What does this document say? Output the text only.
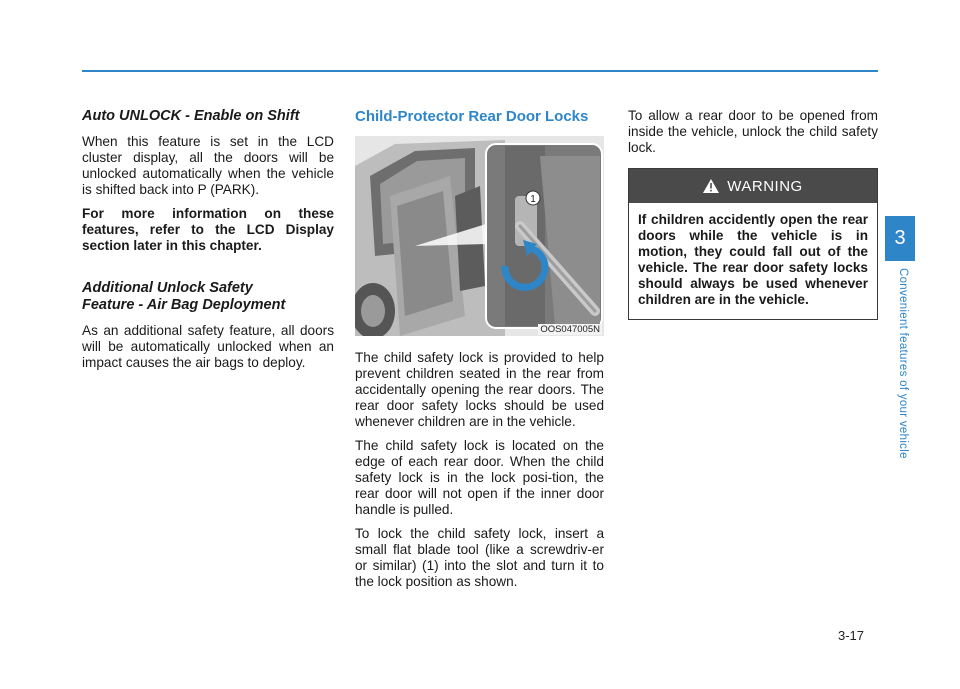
Auto UNLOCK - Enable on Shift

When this feature is set in the LCD cluster display, all the doors will be unlocked automatically when the vehicle is shifted back into P (PARK).

For more information on these features, refer to the LCD Display section later in this chapter.

Additional Unlock Safety
Feature - Air Bag Deployment

As an additional safety feature, all doors will be automatically unlocked when an impact causes the air bags to deploy.

Child-Protector Rear Door Locks
1
OOS047005N

The child safety lock is provided to help prevent children seated in the rear from accidentally opening the rear doors. The rear door safety locks should be used whenever children are in the vehicle.

The child safety lock is located on the edge of each rear door. When the child safety lock is in the lock posi-tion, the rear door will not open if the inner door handle is pulled.

To lock the child safety lock, insert a small flat blade tool (like a screwdriv-er or similar) (1) into the slot and turn it to the lock position as shown.

To allow a rear door to be opened from inside the vehicle, unlock the child safety lock.

WARNING
If children accidently open the rear doors while the vehicle is in motion, they could fall out of the vehicle. The rear door safety locks should always be used whenever children are in the vehicle.
3
Convenient features of your vehicle
3-17
